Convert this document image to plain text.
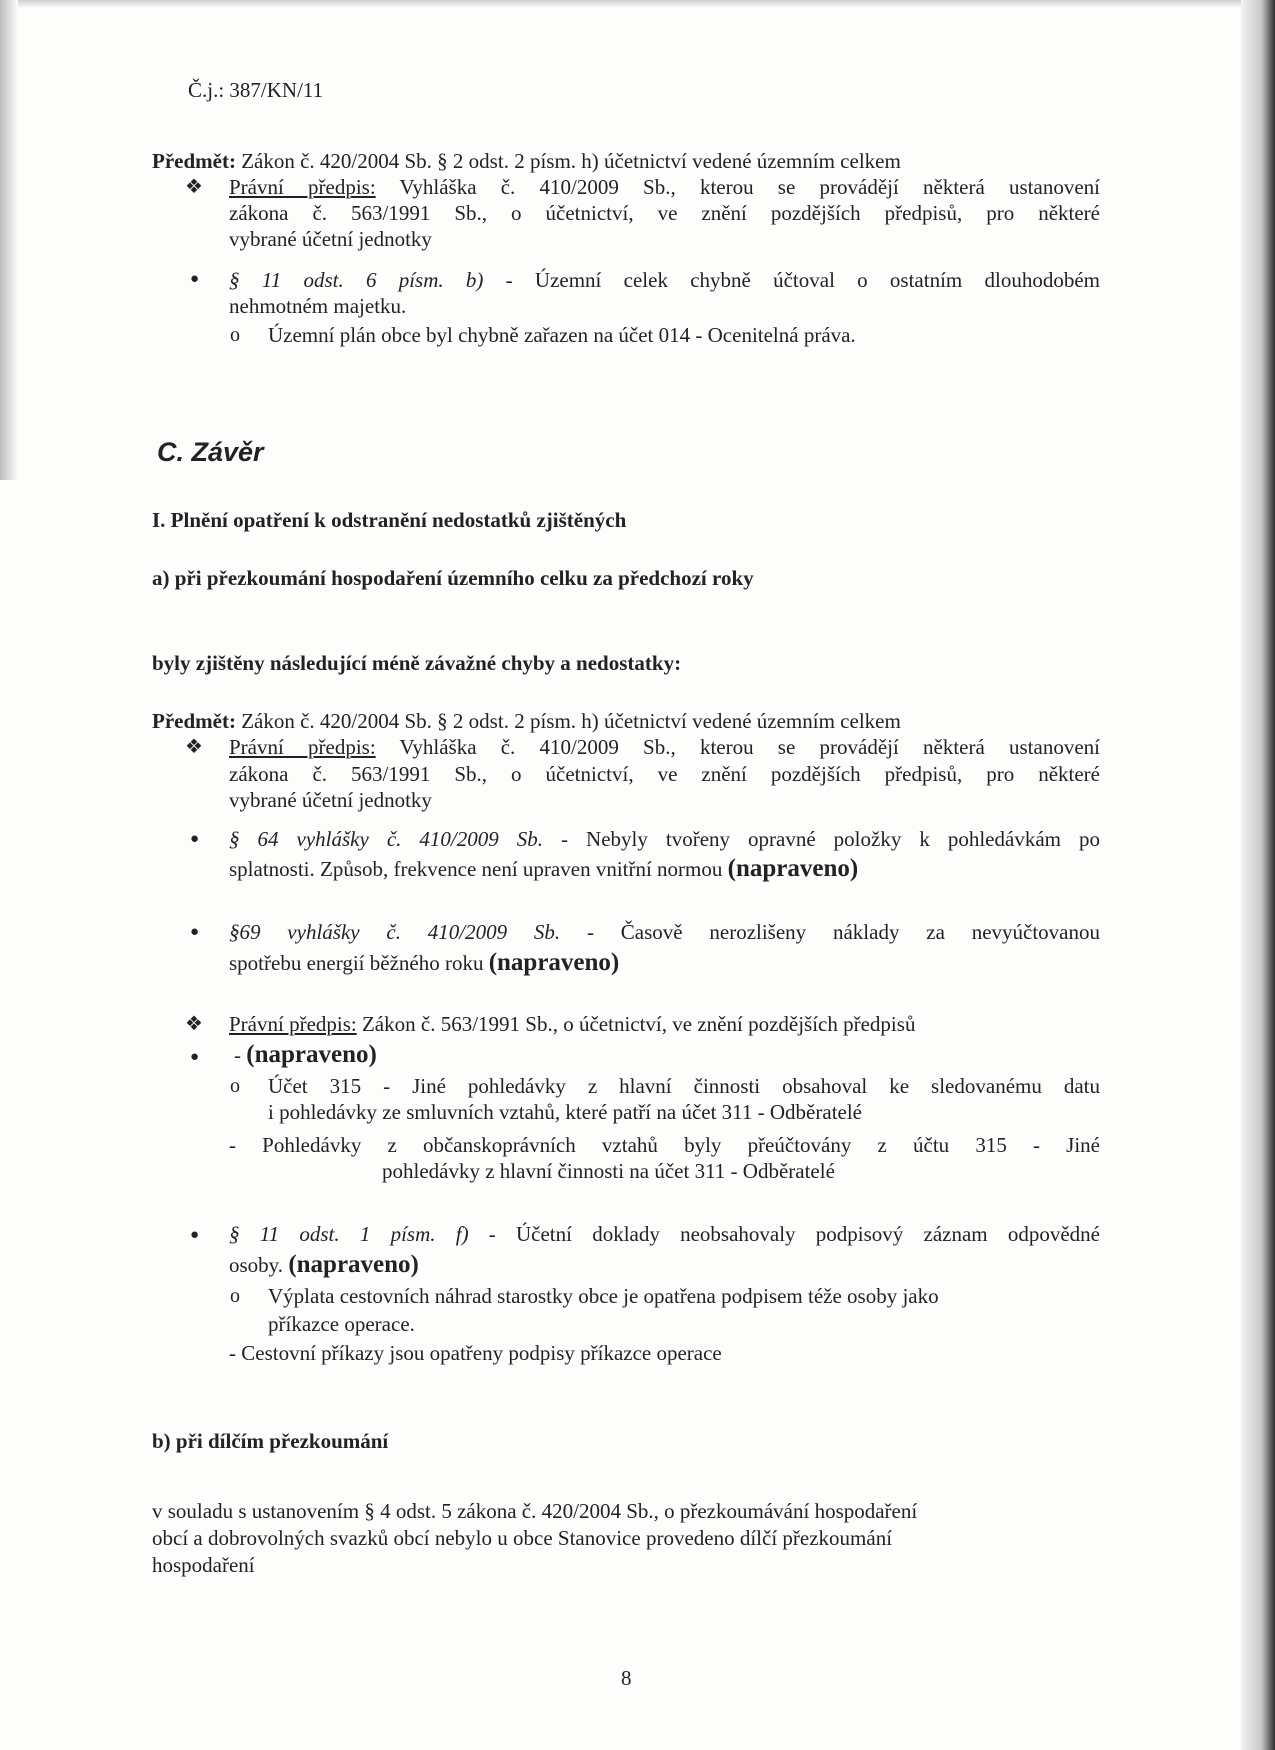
Č.j.: 387/KN/11
Předmět: Zákon č. 420/2004 Sb. § 2 odst. 2 písm. h) účetnictví vedené územním celkem
❖ Právní předpis: Vyhláška č. 410/2009 Sb., kterou se provádějí některá ustanovení
zákona č. 563/1991 Sb., o účetnictví, ve znění pozdějších předpisů, pro některé
vybrané účetní jednotky
● § 11 odst. 6 písm. b) - Územní celek chybně účtoval o ostatním dlouhodobém
nehmotném majetku.
o Územní plán obce byl chybně zařazen na účet 014 - Ocenitelná práva.
C. Závěr
I. Plnění opatření k odstranění nedostatků zjištěných
a) při přezkoumání hospodaření územního celku za předchozí roky
byly zjištěny následující méně závažné chyby a nedostatky:
Předmět: Zákon č. 420/2004 Sb. § 2 odst. 2 písm. h) účetnictví vedené územním celkem
❖ Právní předpis: Vyhláška č. 410/2009 Sb., kterou se provádějí některá ustanovení
zákona č. 563/1991 Sb., o účetnictví, ve znění pozdějších předpisů, pro některé
vybrané účetní jednotky
● § 64 vyhlášky č. 410/2009 Sb. - Nebyly tvořeny opravné položky k pohledávkám po
splatnosti. Způsob, frekvence není upraven vnitřní normou (napraveno)
● §69 vyhlášky č. 410/2009 Sb. - Časově nerozlišeny náklady za nevyúčtovanou
spotřebu energií běžného roku (napraveno)
❖ Právní předpis: Zákon č. 563/1991 Sb., o účetnictví, ve znění pozdějších předpisů
● - (napraveno)
o Účet 315 - Jiné pohledávky z hlavní činnosti obsahoval ke sledovanému datu
i pohledávky ze smluvních vztahů, které patří na účet 311 - Odběratelé
- Pohledávky z občanskoprávních vztahů byly přeúčtovány z účtu 315 - Jiné
pohledávky z hlavní činnosti na účet 311 - Odběratelé
● § 11 odst. 1 písm. f) - Účetní doklady neobsahovaly podpisový záznam odpovědné
osoby. (napraveno)
o Výplata cestovních náhrad starostky obce je opatřena podpisem téže osoby jako
příkazce operace.
- Cestovní příkazy jsou opatřeny podpisy příkazce operace
b) při dílčím přezkoumání
v souladu s ustanovením § 4 odst. 5 zákona č. 420/2004 Sb., o přezkoumávání hospodaření
obcí a dobrovolných svazků obcí nebylo u obce Stanovice provedeno dílčí přezkoumání
hospodaření
8
